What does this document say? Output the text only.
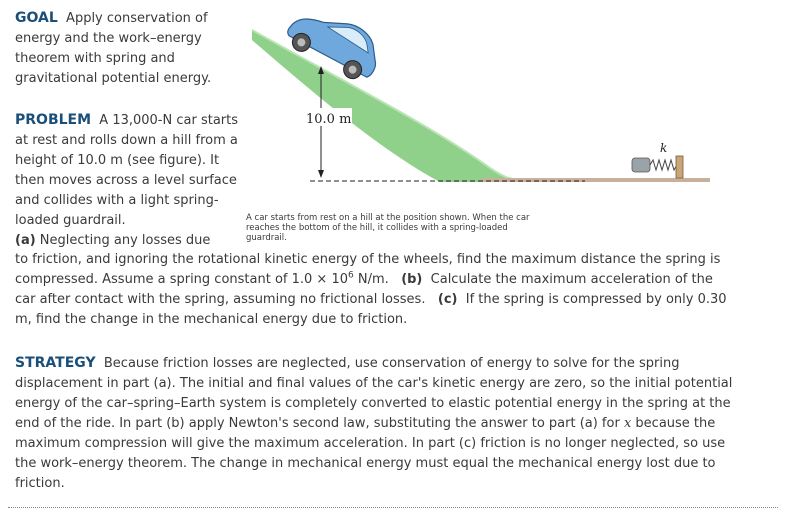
GOAL Apply conservation of energy and the work–energy theorem with spring and gravitational potential energy.
PROBLEM A 13,000-N car starts at rest and rolls down a hill from a height of 10.0 m (see figure). It then moves across a level surface and collides with a light spring-loaded guardrail.
(a) Neglecting any losses due
to friction, and ignoring the rotational kinetic energy of the wheels, find the maximum distance the spring is compressed. Assume a spring constant of $1.0 \times 10^6$ N/m. (b) Calculate the maximum acceleration of the car after contact with the spring, assuming no frictional losses. (c) If the spring is compressed by only 0.30 m, find the change in the mechanical energy due to friction.
10.0 m
k
A car starts from rest on a hill at the position shown. When the car reaches the bottom of the hill, it collides with a spring-loaded guardrail.
STRATEGY Because friction losses are neglected, use conservation of energy to solve for the spring displacement in part (a). The initial and final values of the car's kinetic energy are zero, so the initial potential energy of the car–spring–Earth system is completely converted to elastic potential energy in the spring at the end of the ride. In part (b) apply Newton's second law, substituting the answer to part (a) for x because the maximum compression will give the maximum acceleration. In part (c) friction is no longer neglected, so use the work–energy theorem. The change in mechanical energy must equal the mechanical energy lost due to friction.
